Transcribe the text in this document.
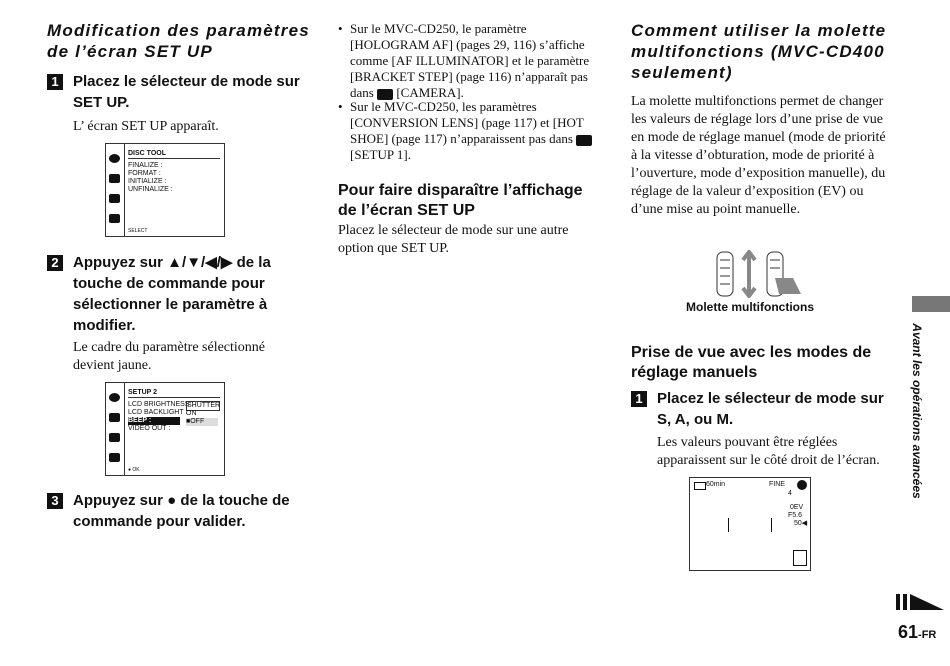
Modification des paramètres de l’écran SET UP
1 Placez le sélecteur de mode sur SET UP.
L’ écran SET UP apparaît.
DISC TOOL
FINALIZE :
FORMAT :
INITIALIZE :
UNFINALIZE :
SELECT
2 Appuyez sur ▲/▼/◀/▶ de la touche de commande pour sélectionner le paramètre à modifier.
Le cadre du paramètre sélectionné devient jaune.
SETUP 2
LCD BRIGHTNESS :
LCD BACKLIGHT :
BEEP :
VIDEO OUT :
SHUTTER
ON
■OFF
● OK
3 Appuyez sur ● de la touche de commande pour valider.
• Sur le MVC-CD250, le paramètre [HOLOGRAM AF] (pages 29, 116) s’affiche comme [AF ILLUMINATOR] et le paramètre [BRACKET STEP] (page 116) n’apparaît pas dans [CAMERA].
• Sur le MVC-CD250, les paramètres [CONVERSION LENS] (page 117) et [HOT SHOE] (page 117) n’apparaissent pas dans  [SETUP 1].
Pour faire disparaître l’affichage de l’écran SET UP
Placez le sélecteur de mode sur une autre option que SET UP.
Comment utiliser la molette multifonctions (MVC-CD400 seulement)
La molette multifonctions permet de changer les valeurs de réglage lors d’une prise de vue en mode de réglage manuel (mode de priorité à la vitesse d’obturation, mode de priorité à l’ouverture, mode d’exposition manuelle), du réglage de la valeur d’exposition (EV) ou d’une mise au point manuelle.
Molette multifonctions
Prise de vue avec les modes de réglage manuels
1 Placez le sélecteur de mode sur S, A, ou M.
Les valeurs pouvant être réglées apparaissent sur le côté droit de l’écran.
60min	FINE
4
0EV
F5.6
50◀
Avant les opérations avancées
61-FR
